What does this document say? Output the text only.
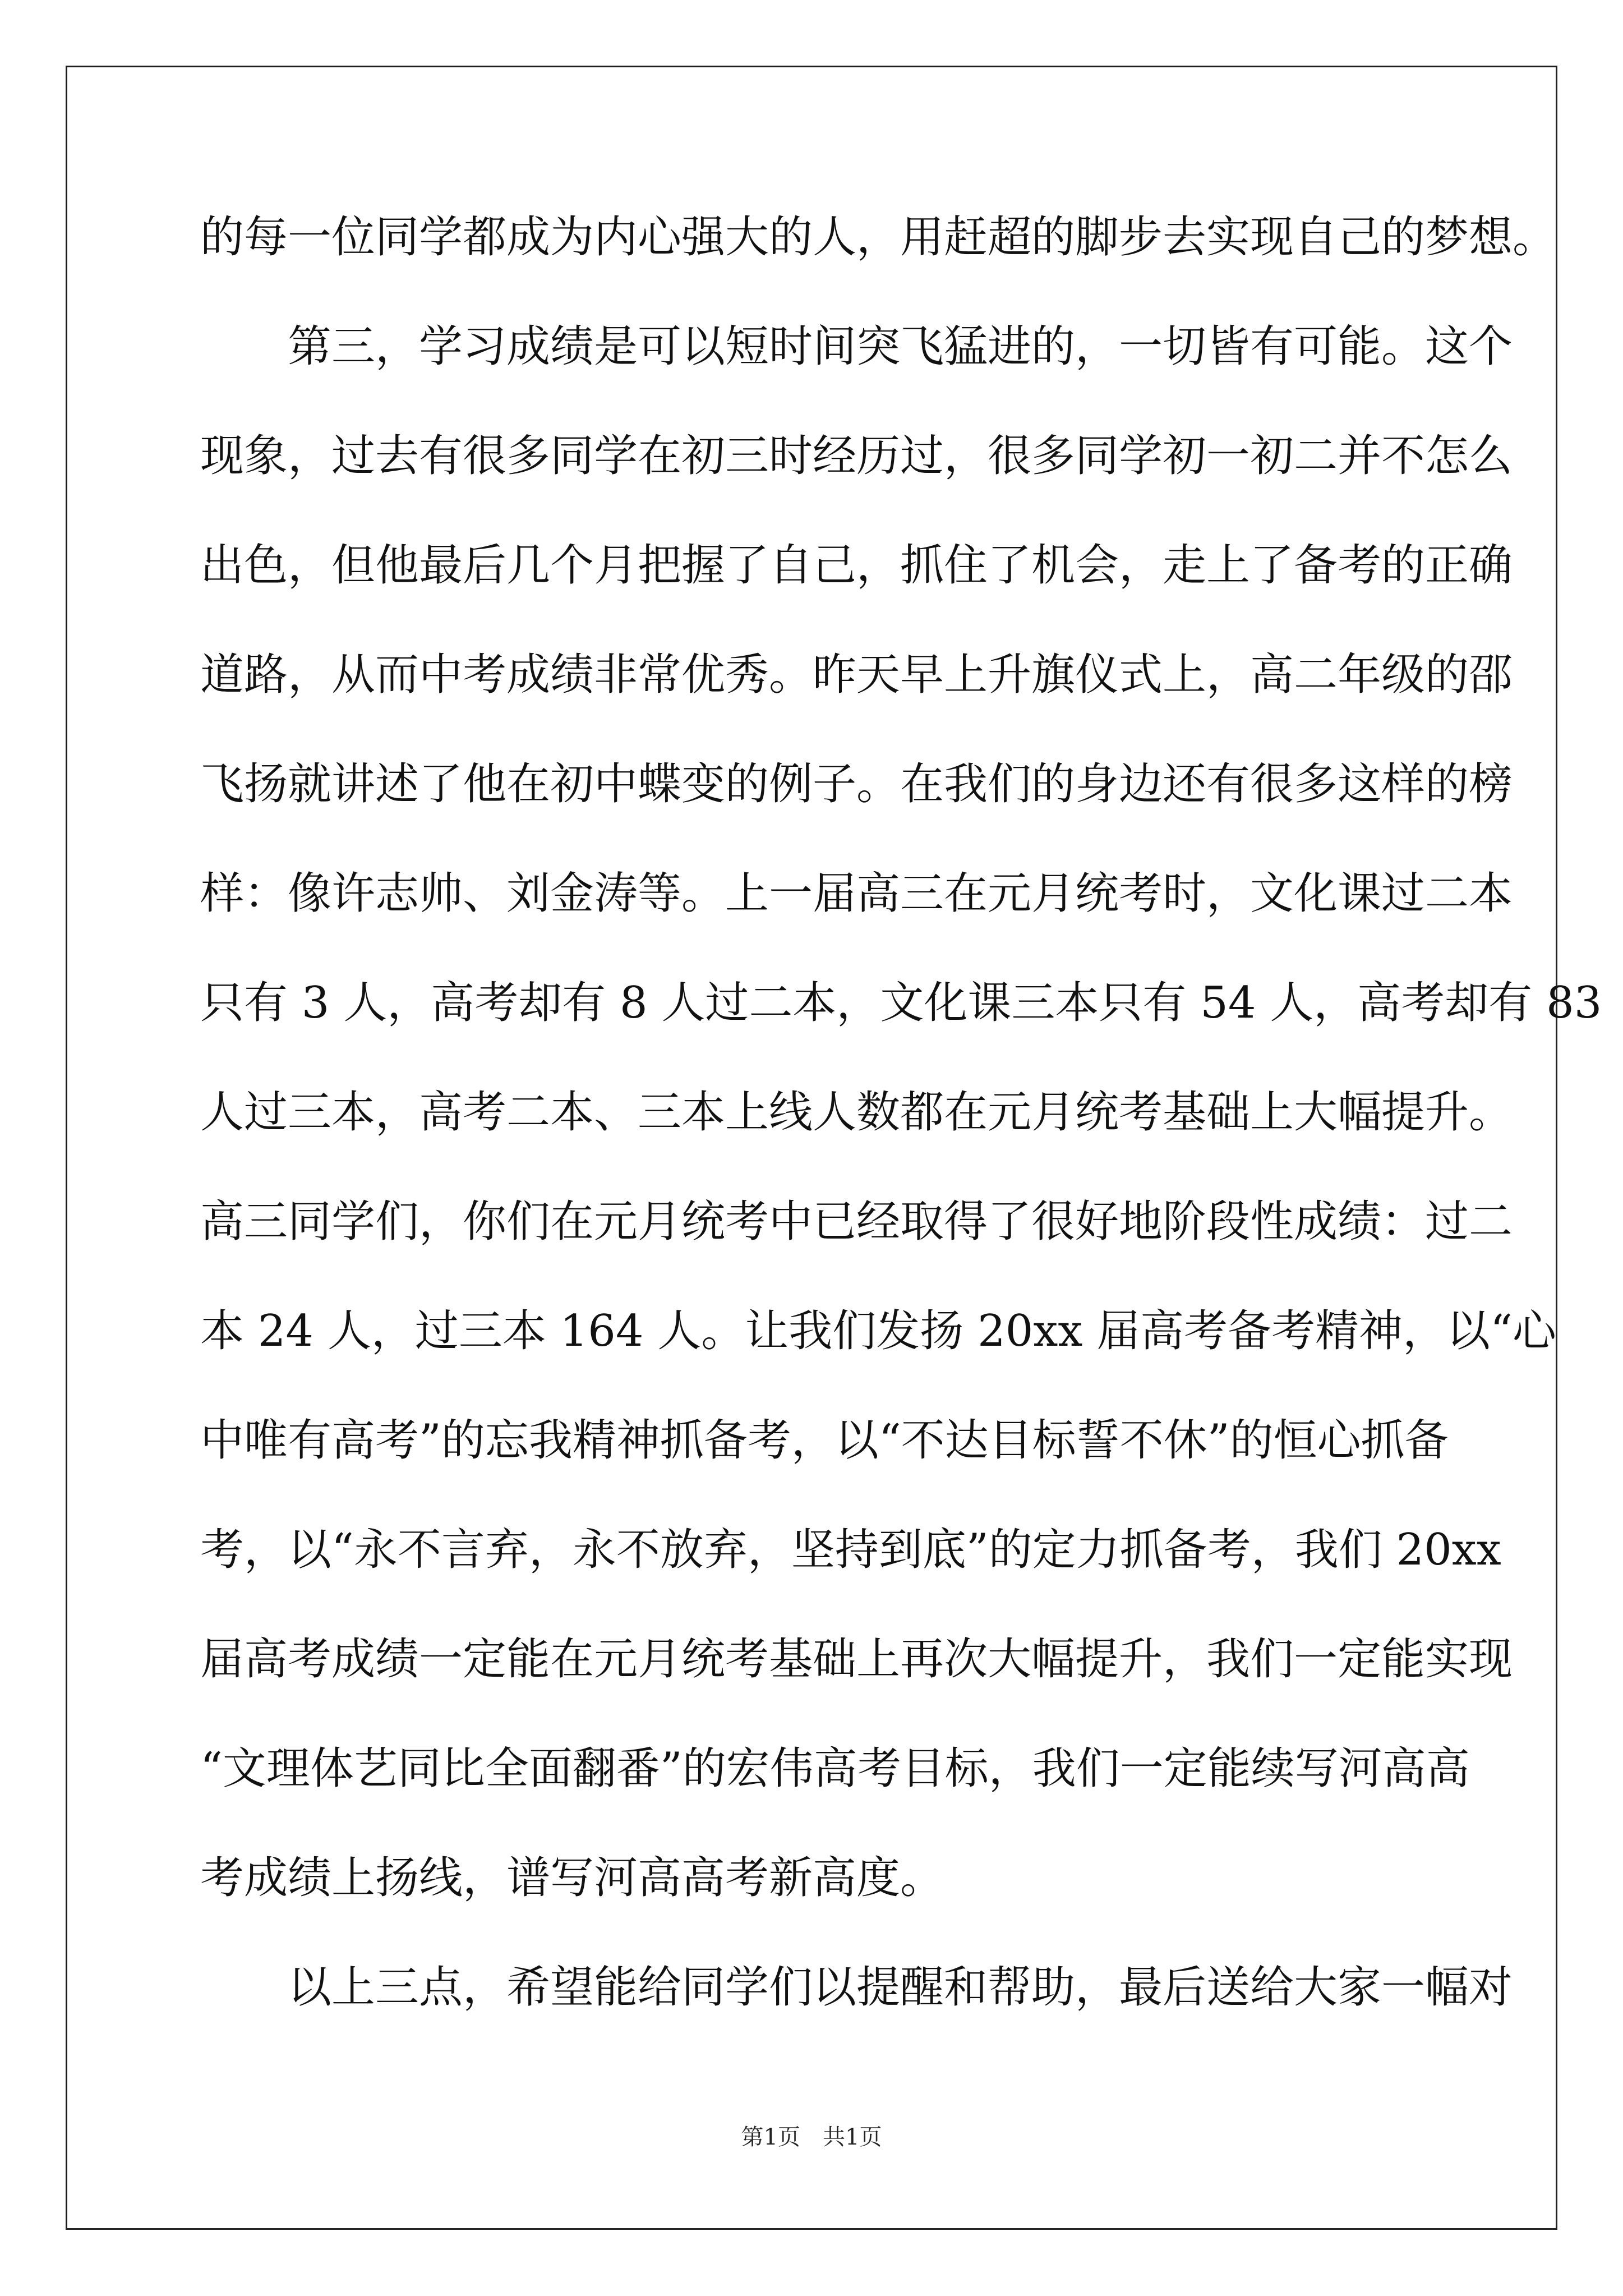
的每一位同学都成为内心强大的人，用赶超的脚步去实现自己的梦想。
第三，学习成绩是可以短时间突飞猛进的，一切皆有可能。这个
现象，过去有很多同学在初三时经历过，很多同学初一初二并不怎么
出色，但他最后几个月把握了自己，抓住了机会，走上了备考的正确
道路，从而中考成绩非常优秀。昨天早上升旗仪式上，高二年级的邵
飞扬就讲述了他在初中蝶变的例子。在我们的身边还有很多这样的榜
样：像许志帅、刘金涛等。上一届高三在元月统考时，文化课过二本
只有 3 人，高考却有 8 人过二本，文化课三本只有 54 人，高考却有 83
人过三本，高考二本、三本上线人数都在元月统考基础上大幅提升。
高三同学们，你们在元月统考中已经取得了很好地阶段性成绩：过二
本 24 人，过三本 164 人。让我们发扬 20xx 届高考备考精神，以“心
中唯有高考”的忘我精神抓备考，以“不达目标誓不休”的恒心抓备
考，以“永不言弃，永不放弃，坚持到底”的定力抓备考，我们 20xx
届高考成绩一定能在元月统考基础上再次大幅提升，我们一定能实现
“文理体艺同比全面翻番”的宏伟高考目标，我们一定能续写河高高
考成绩上扬线，谱写河高高考新高度。
以上三点，希望能给同学们以提醒和帮助，最后送给大家一幅对
第1页 共1页
